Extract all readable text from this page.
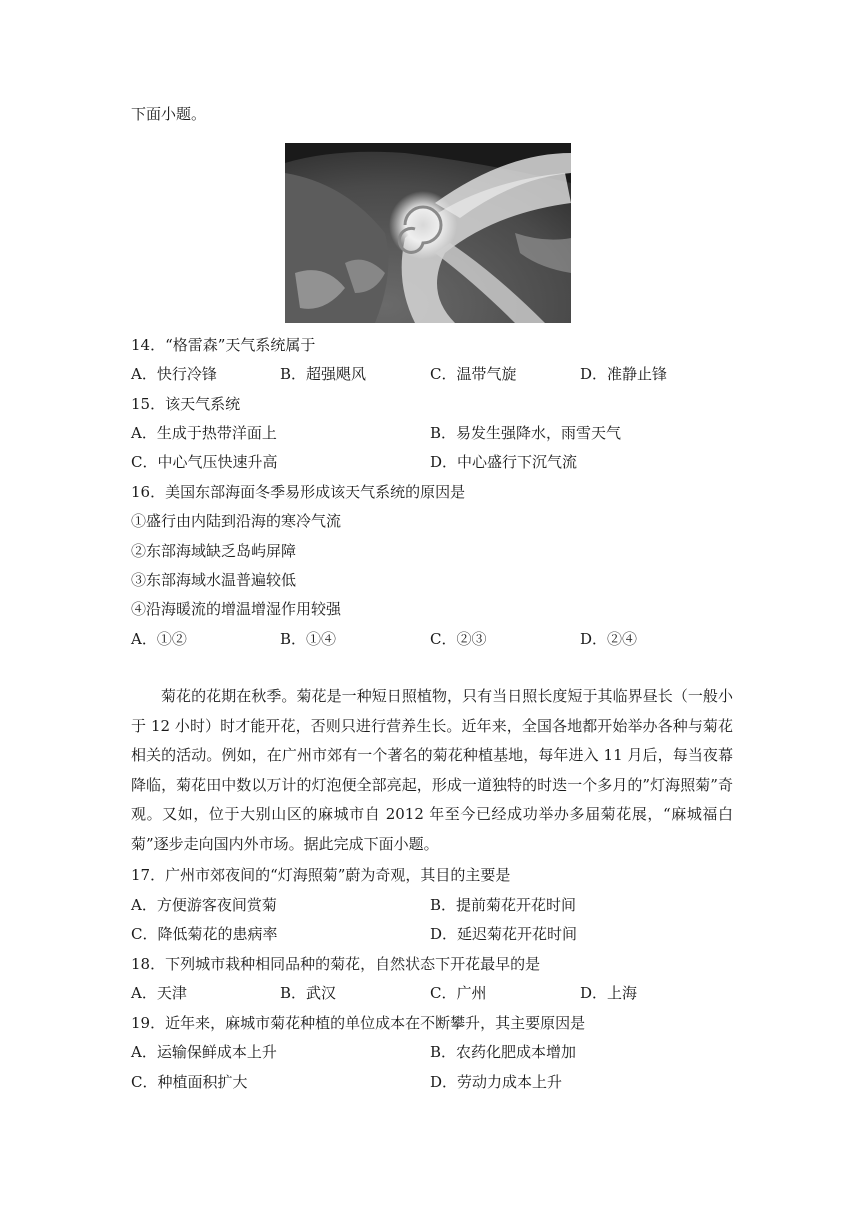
下面小题。
14．“格雷森”天气系统属于
A．快行冷锋	B．超强飓风	C．温带气旋	D．准静止锋
15．该天气系统
A．生成于热带洋面上	B．易发生强降水，雨雪天气
C．中心气压快速升高	D．中心盛行下沉气流
16．美国东部海面冬季易形成该天气系统的原因是
①盛行由内陆到沿海的寒冷气流
②东部海域缺乏岛屿屏障
③东部海域水温普遍较低
④沿海暖流的增温增湿作用较强
A．①②	B．①④	C．②③	D．②④
菊花的花期在秋季。菊花是一种短日照植物，只有当日照长度短于其临界昼长（一般小于 12 小时）时才能开花，否则只进行营养生长。近年来，全国各地都开始举办各种与菊花相关的活动。例如，在广州市郊有一个著名的菊花种植基地，每年进入 11 月后，每当夜幕降临，菊花田中数以万计的灯泡便全部亮起，形成一道独特的时迭一个多月的”灯海照菊”奇观。又如，位于大别山区的麻城市自 2012 年至今已经成功举办多届菊花展，“麻城福白菊”逐步走向国内外市场。据此完成下面小题。
17．广州市郊夜间的“灯海照菊”蔚为奇观，其目的主要是
A．方便游客夜间赏菊	B．提前菊花开花时间
C．降低菊花的患病率	D．延迟菊花开花时间
18．下列城市栽种相同品种的菊花，自然状态下开花最早的是
A．天津	B．武汉	C．广州	D．上海
19．近年来，麻城市菊花种植的单位成本在不断攀升，其主要原因是
A．运输保鲜成本上升	B．农药化肥成本增加
C．种植面积扩大	D．劳动力成本上升
